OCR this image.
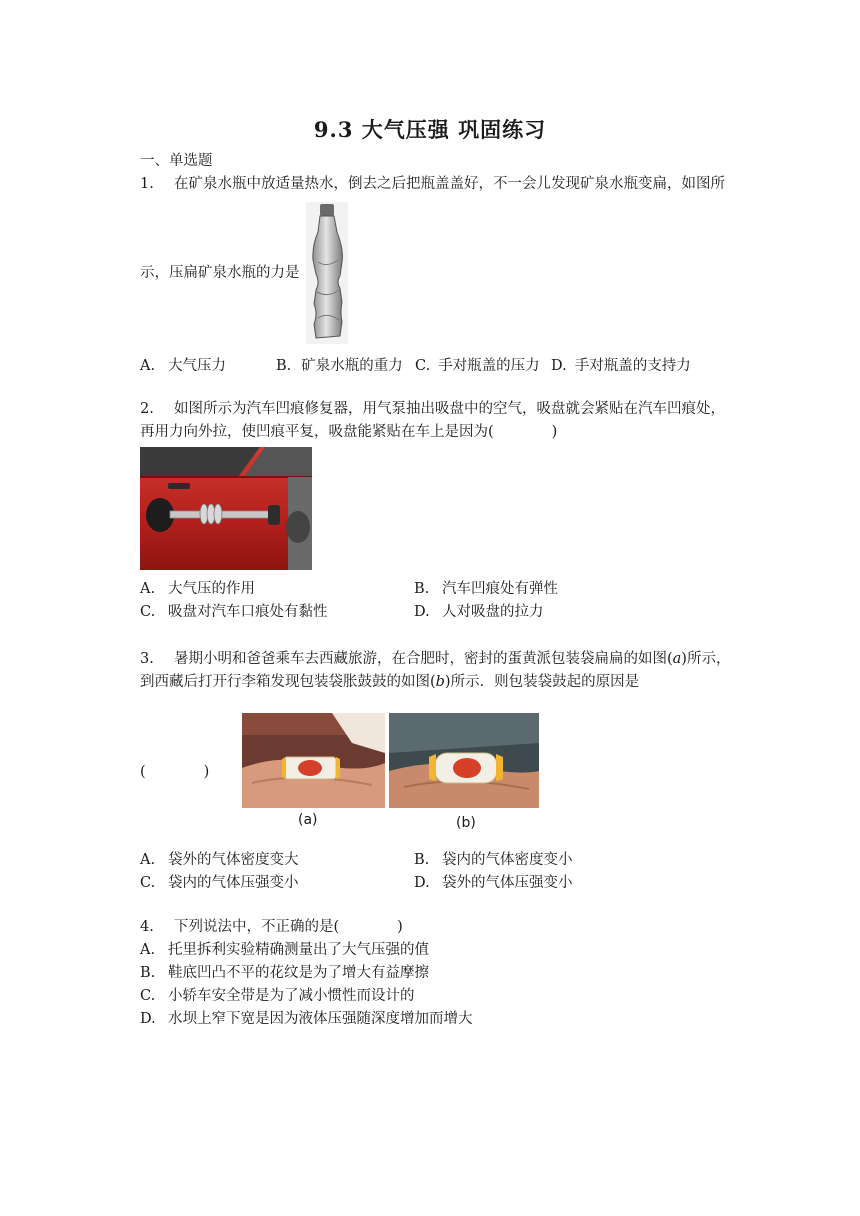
9.3 大气压强 巩固练习
一、单选题
1. 在矿泉水瓶中放适量热水，倒去之后把瓶盖盖好，不一会儿发现矿泉水瓶变扁，如图所
示，压扁矿泉水瓶的力是
A. 大气压力	B. 矿泉水瓶的重力 C. 手对瓶盖的压力 D. 手对瓶盖的支持力
2. 如图所示为汽车凹痕修复器，用气泵抽出吸盘中的空气，吸盘就会紧贴在汽车凹痕处，
再用力向外拉，使凹痕平复，吸盘能紧贴在车上是因为(　　　　)
A. 大气压的作用	B. 汽车凹痕处有弹性
C. 吸盘对汽车口痕处有黏性	D. 人对吸盘的拉力
3. 暑期小明和爸爸乘车去西藏旅游，在合肥时，密封的蛋黄派包装袋扁扁的如图(𝑎)所示，
到西藏后打开行李箱发现包装袋胀鼓鼓的如图(𝑏)所示．则包装袋鼓起的原因是
(　　　　)
(a)	(b)
A. 袋外的气体密度变大	B. 袋内的气体密度变小
C. 袋内的气体压强变小	D. 袋外的气体压强变小
4. 下列说法中，不正确的是(　　　　)
A. 托里拆利实验精确测量出了大气压强的值
B. 鞋底凹凸不平的花纹是为了增大有益摩擦
C. 小轿车安全带是为了减小惯性而设计的
D. 水坝上窄下宽是因为液体压强随深度增加而增大
